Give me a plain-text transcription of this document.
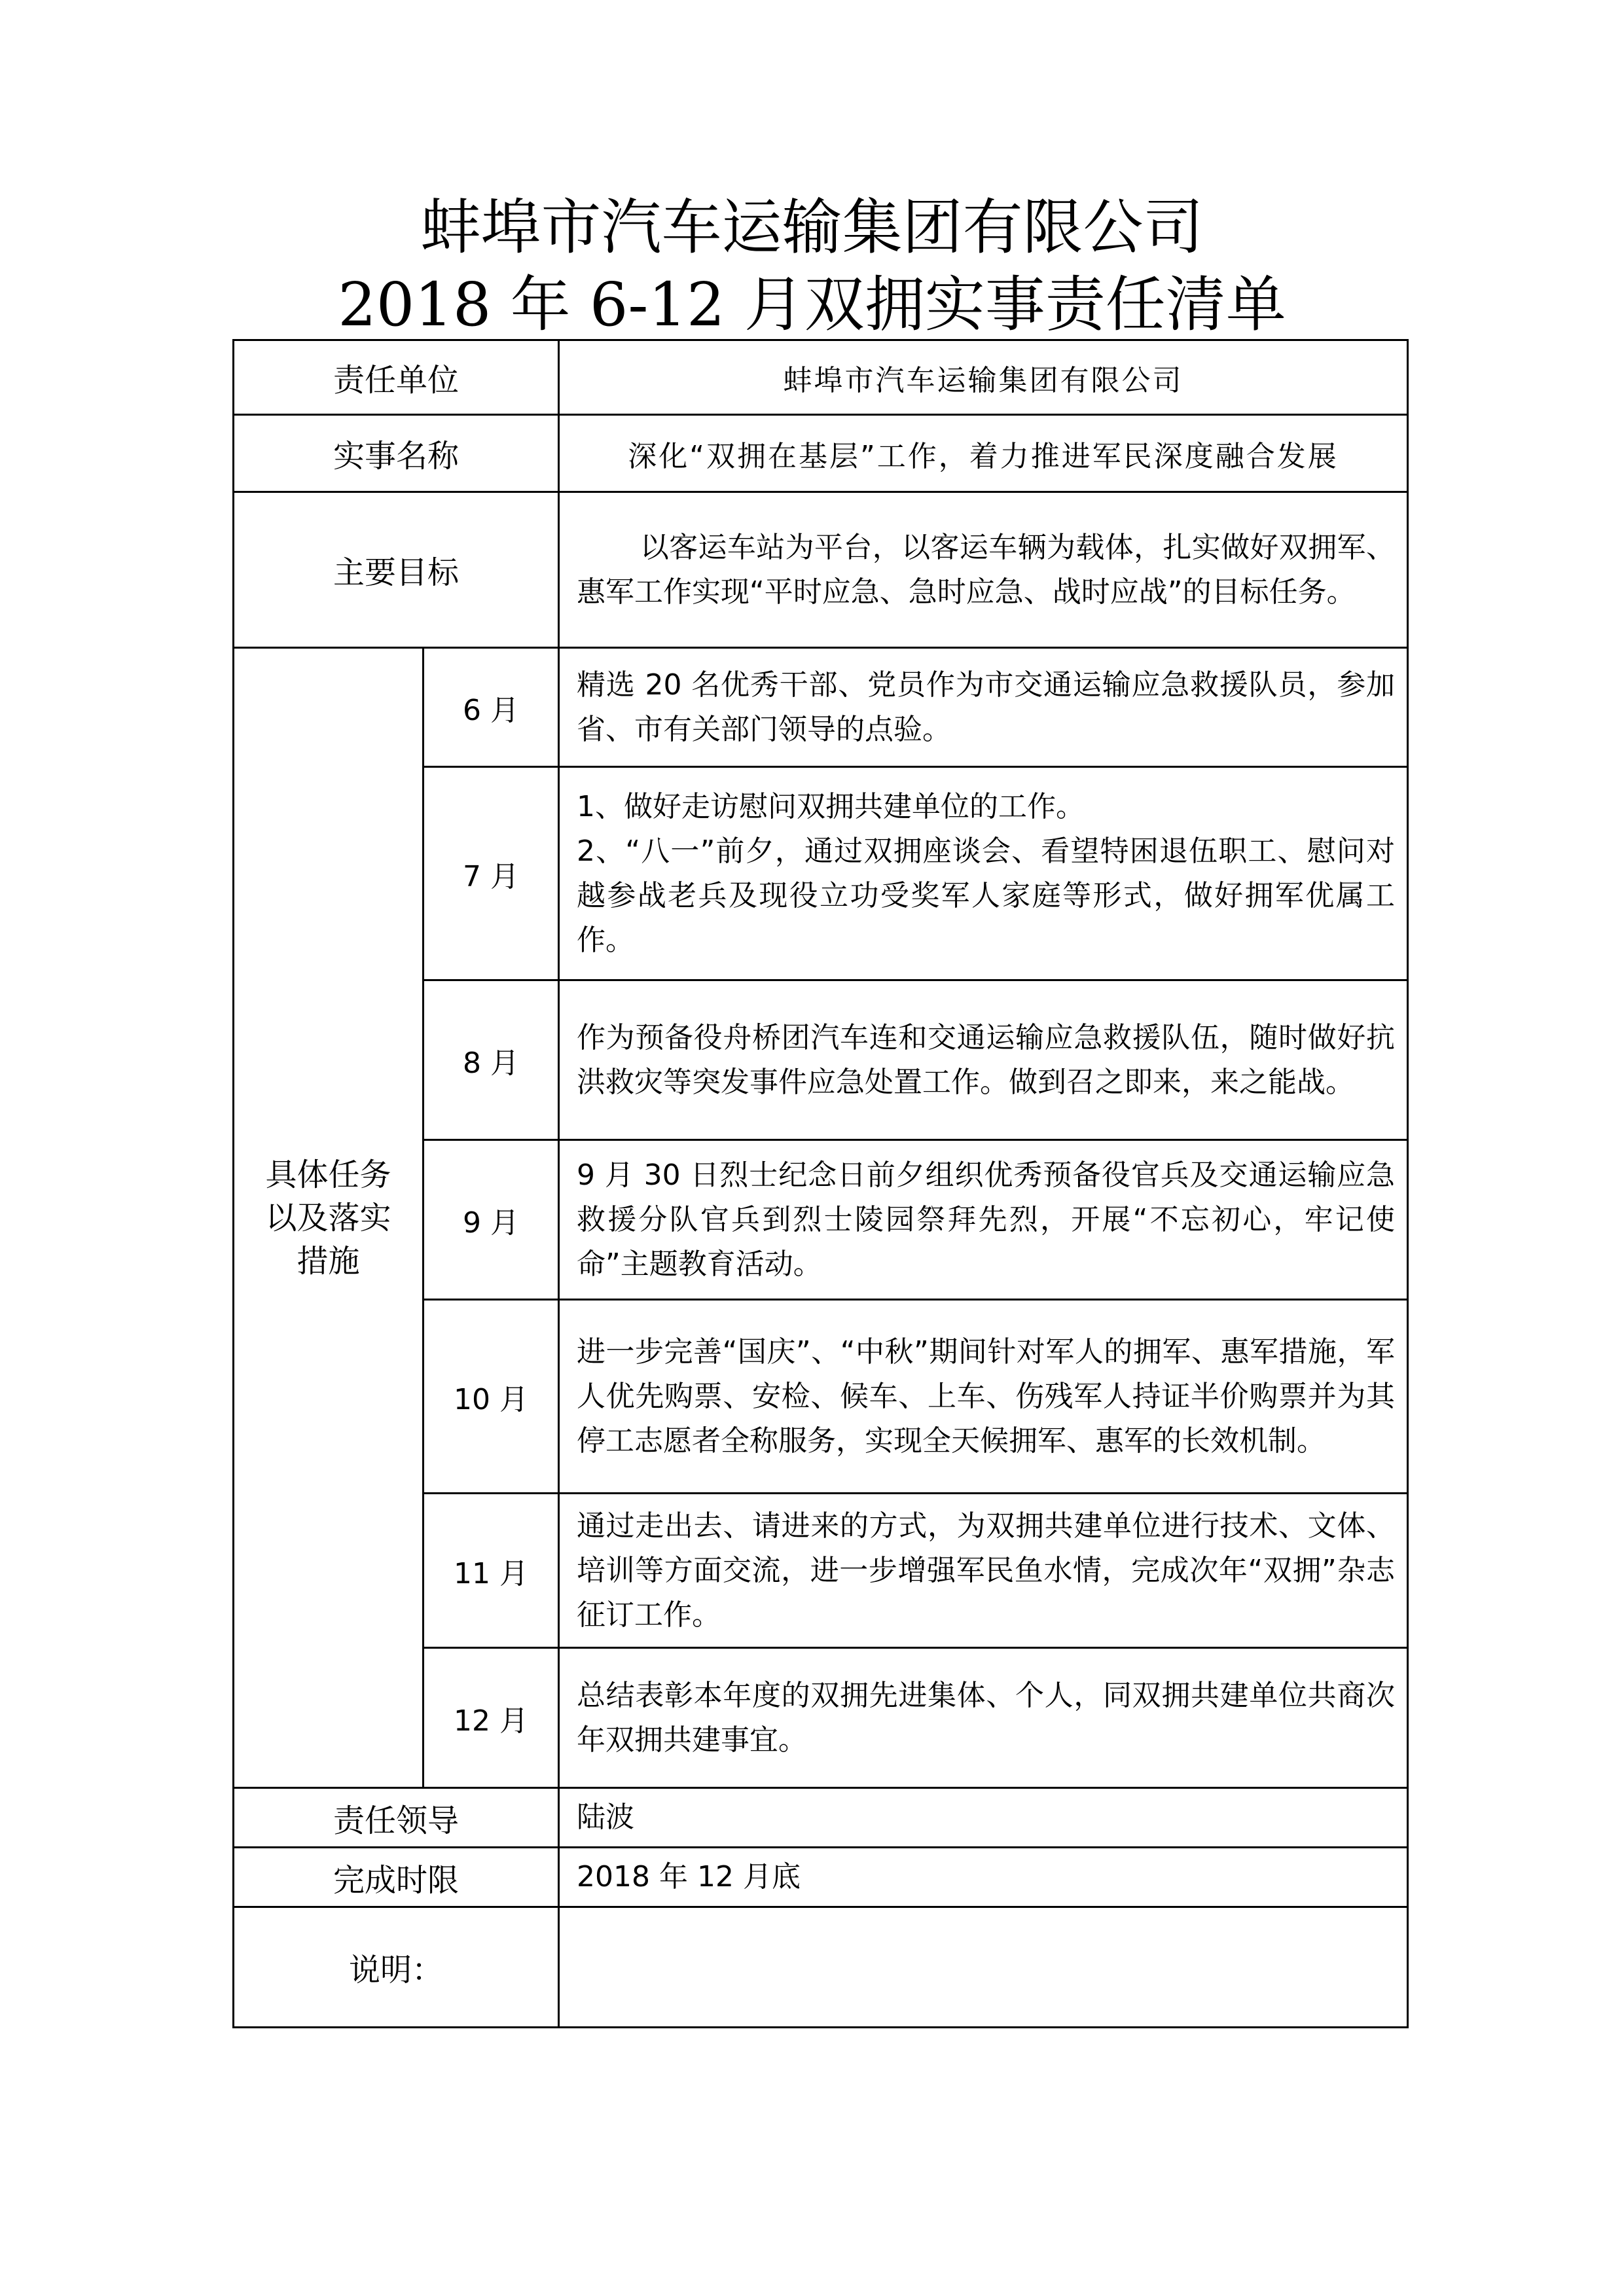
蚌埠市汽车运输集团有限公司
2018 年 6-12 月双拥实事责任清单
责任单位		蚌埠市汽车运输集团有限公司
实事名称		深化“双拥在基层”工作，着力推进军民深度融合发展
主要目标		以客运车站为平台，以客运车辆为载体，扎实做好双拥军、惠军工作实现“平时应急、急时应急、战时应战”的目标任务。

具体任务
以及落实
措施	6 月	精选 20 名优秀干部、党员作为市交通运输应急救援队员，参加省、市有关部门领导的点验。

	7 月	1、做好走访慰问双拥共建单位的工作。
2、“八一”前夕，通过双拥座谈会、看望特困退伍职工、慰问对越参战老兵及现役立功受奖军人家庭等形式，做好拥军优属工作。

	8 月	作为预备役舟桥团汽车连和交通运输应急救援队伍，随时做好抗洪救灾等突发事件应急处置工作。做到召之即来，来之能战。

	9 月	9 月 30 日烈士纪念日前夕组织优秀预备役官兵及交通运输应急救援分队官兵到烈士陵园祭拜先烈，开展“不忘初心，牢记使命”主题教育活动。

	10 月	进一步完善“国庆”、“中秋”期间针对军人的拥军、惠军措施，军人优先购票、安检、候车、上车、伤残军人持证半价购票并为其停工志愿者全称服务，实现全天候拥军、惠军的长效机制。

	11 月	通过走出去、请进来的方式，为双拥共建单位进行技术、文体、培训等方面交流，进一步增强军民鱼水情，完成次年“双拥”杂志征订工作。

	12 月	总结表彰本年度的双拥先进集体、个人，同双拥共建单位共商次年双拥共建事宜。

责任领导		陆波
完成时限		2018 年 12 月底
说明：		
